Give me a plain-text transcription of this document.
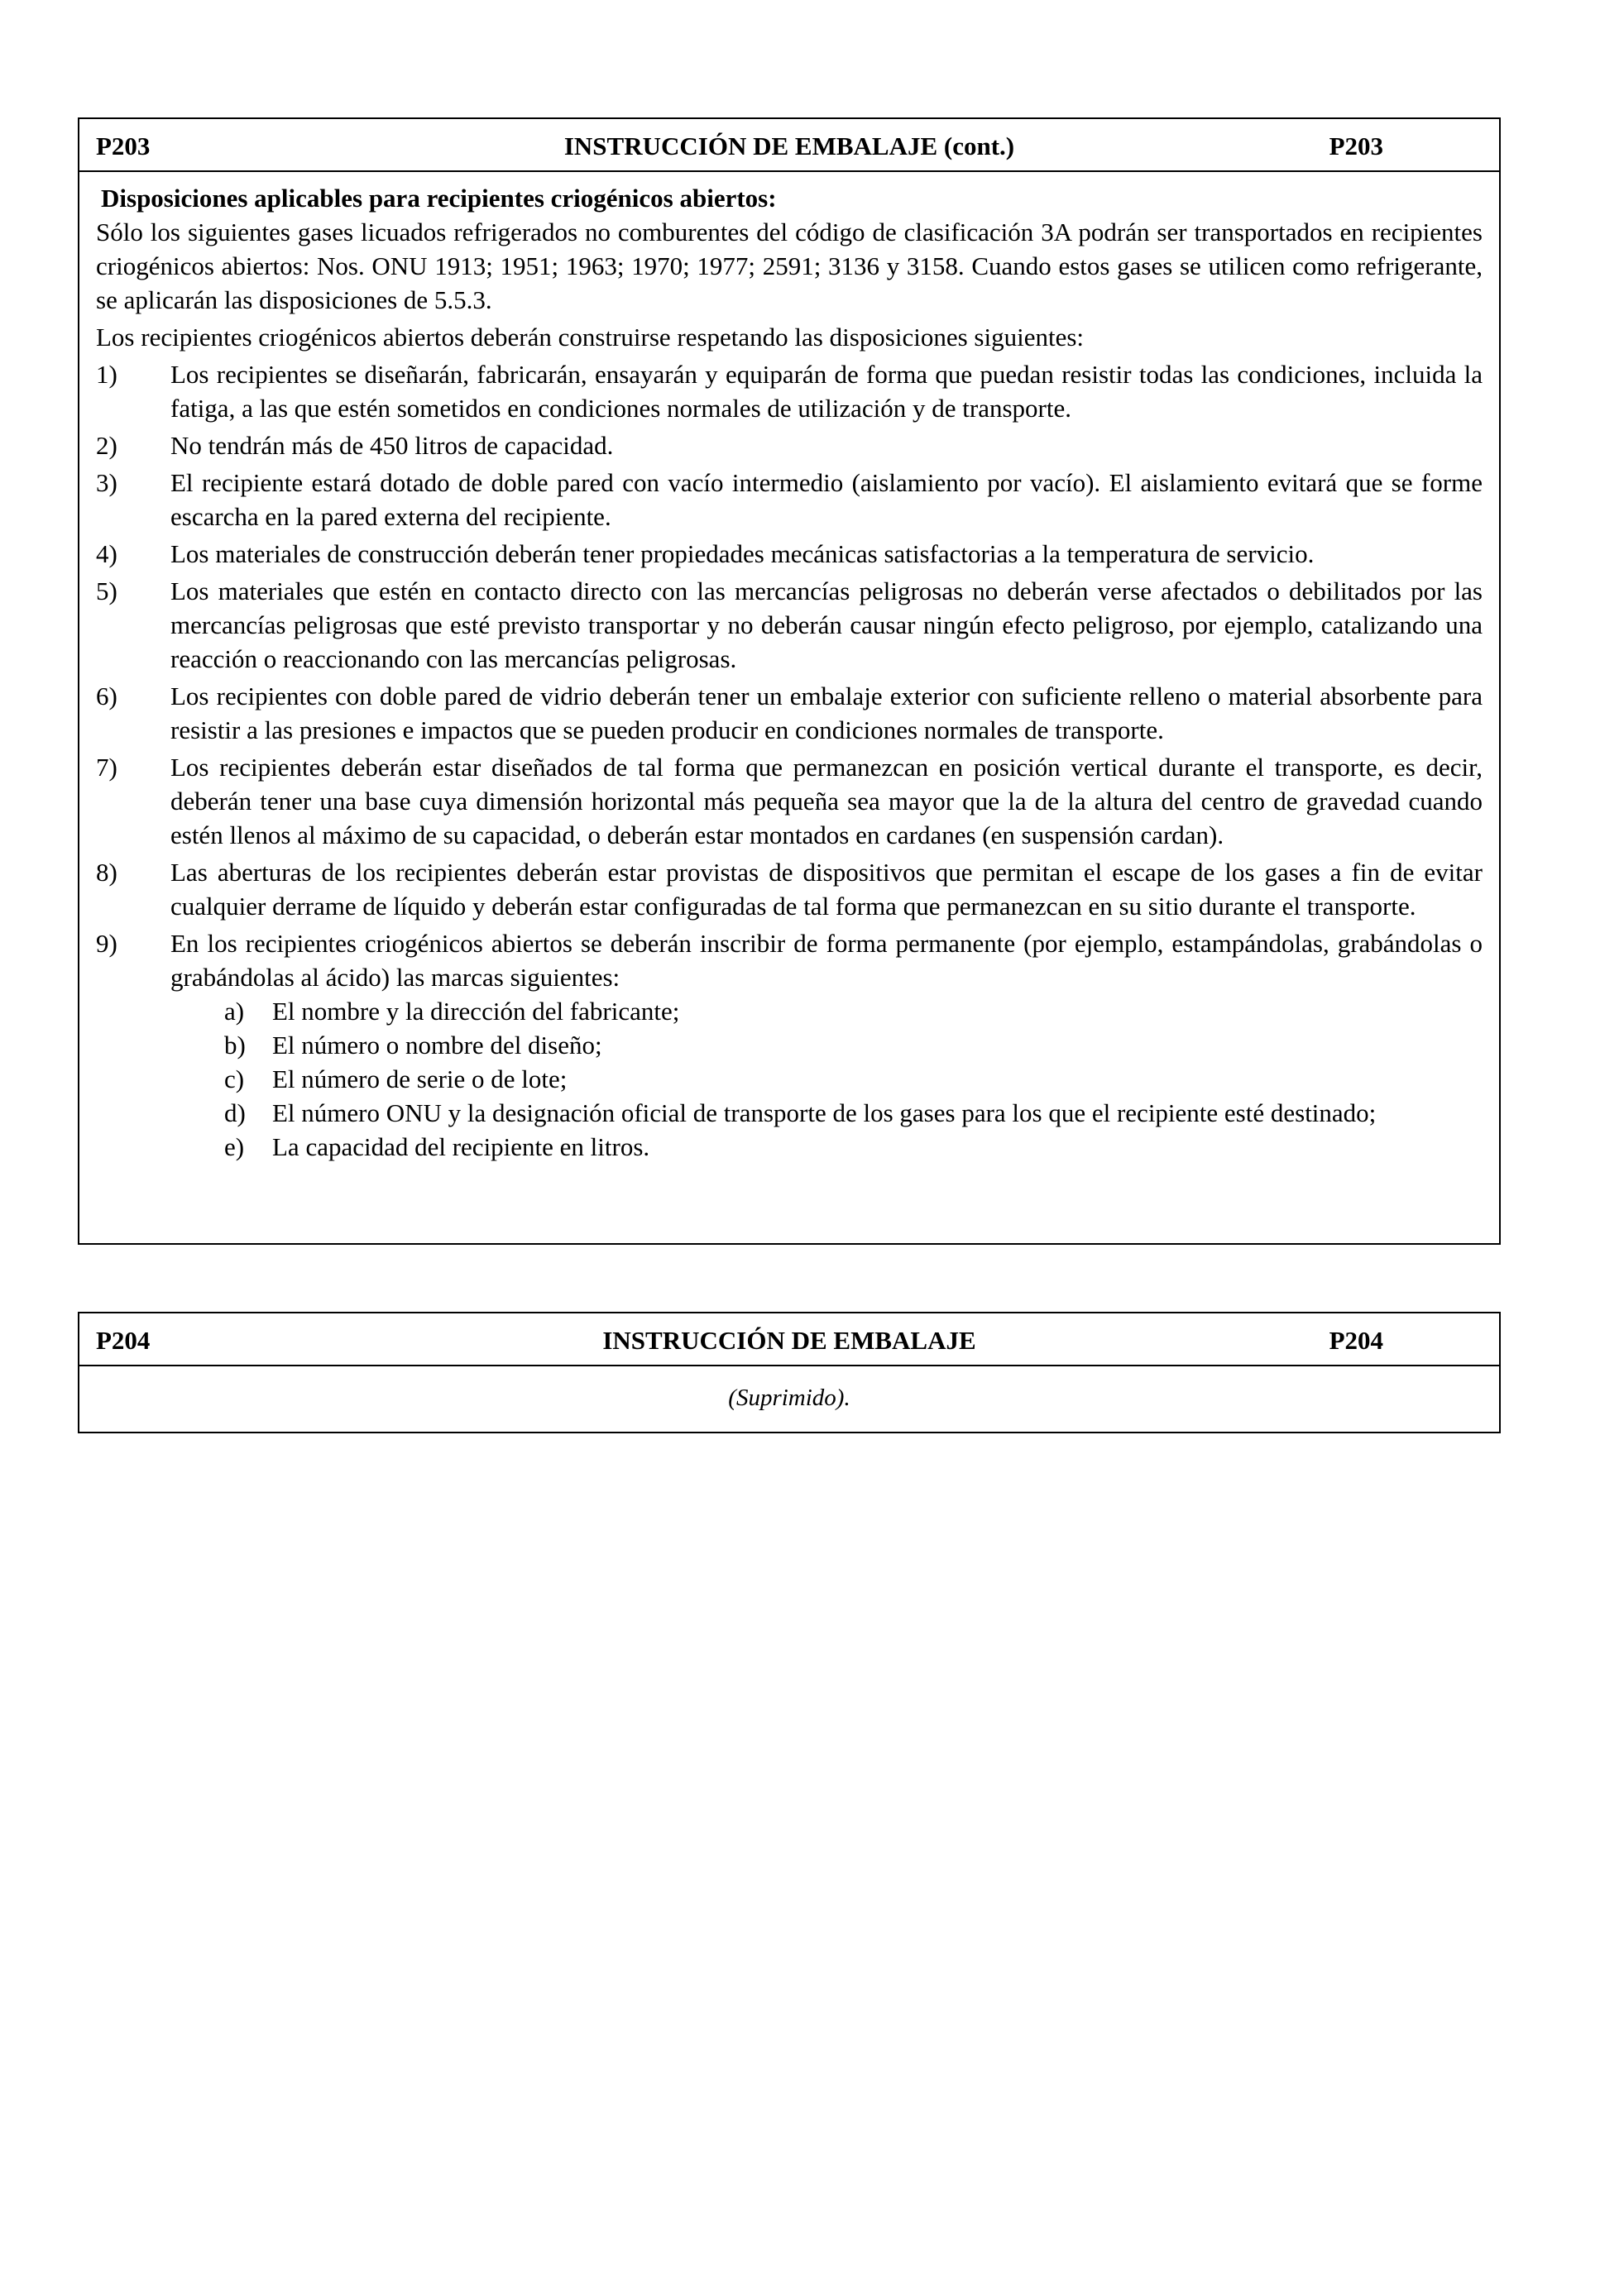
P203	INSTRUCCIÓN DE EMBALAJE (cont.)	P203
Disposiciones aplicables para recipientes criogénicos abiertos:
Sólo los siguientes gases licuados refrigerados no comburentes del código de clasificación 3A podrán ser transportados en recipientes criogénicos abiertos: Nos. ONU 1913; 1951; 1963; 1970; 1977; 2591; 3136 y 3158. Cuando estos gases se utilicen como refrigerante, se aplicarán las disposiciones de 5.5.3.
Los recipientes criogénicos abiertos deberán construirse respetando las disposiciones siguientes:
1) Los recipientes se diseñarán, fabricarán, ensayarán y equiparán de forma que puedan resistir todas las condiciones, incluida la fatiga, a las que estén sometidos en condiciones normales de utilización y de transporte.
2) No tendrán más de 450 litros de capacidad.
3) El recipiente estará dotado de doble pared con vacío intermedio (aislamiento por vacío). El aislamiento evitará que se forme escarcha en la pared externa del recipiente.
4) Los materiales de construcción deberán tener propiedades mecánicas satisfactorias a la temperatura de servicio.
5) Los materiales que estén en contacto directo con las mercancías peligrosas no deberán verse afectados o debilitados por las mercancías peligrosas que esté previsto transportar y no deberán causar ningún efecto peligroso, por ejemplo, catalizando una reacción o reaccionando con las mercancías peligrosas.
6) Los recipientes con doble pared de vidrio deberán tener un embalaje exterior con suficiente relleno o material absorbente para resistir a las presiones e impactos que se pueden producir en condiciones normales de transporte.
7) Los recipientes deberán estar diseñados de tal forma que permanezcan en posición vertical durante el transporte, es decir, deberán tener una base cuya dimensión horizontal más pequeña sea mayor que la de la altura del centro de gravedad cuando estén llenos al máximo de su capacidad, o deberán estar montados en cardanes (en suspensión cardan).
8) Las aberturas de los recipientes deberán estar provistas de dispositivos que permitan el escape de los gases a fin de evitar cualquier derrame de líquido y deberán estar configuradas de tal forma que permanezcan en su sitio durante el transporte.
9) En los recipientes criogénicos abiertos se deberán inscribir de forma permanente (por ejemplo, estampándolas, grabándolas o grabándolas al ácido) las marcas siguientes:
a) El nombre y la dirección del fabricante;
b) El número o nombre del diseño;
c) El número de serie o de lote;
d) El número ONU y la designación oficial de transporte de los gases para los que el recipiente esté destinado;
e) La capacidad del recipiente en litros.
P204	INSTRUCCIÓN DE EMBALAJE	P204
(Suprimido).
